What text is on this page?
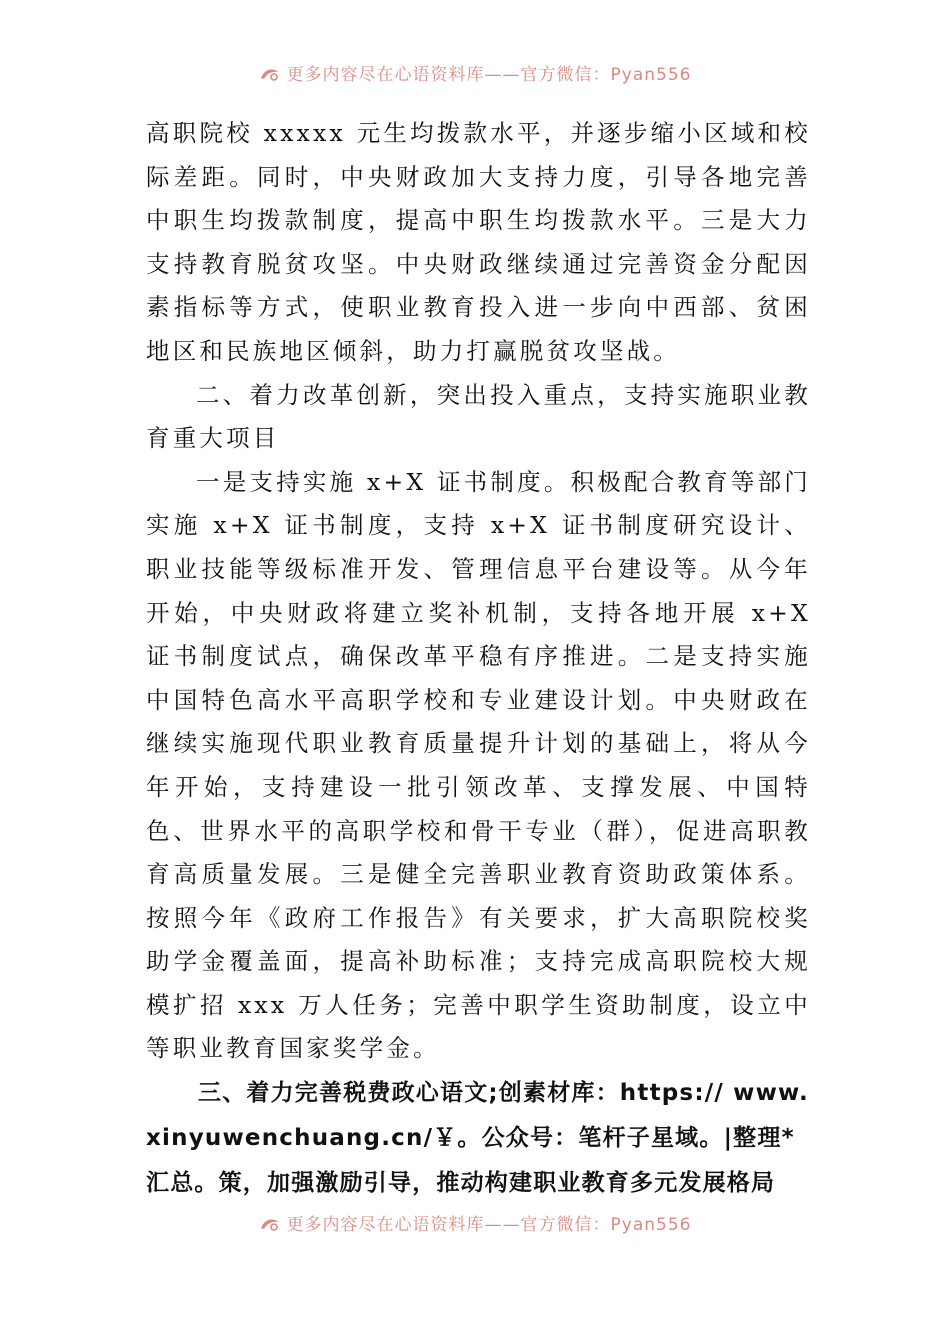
更多内容尽在心语资料库——官方微信：Pyan556

高职院校 xxxxx 元生均拨款水平，并逐步缩小区域和校际差距。同时，中央财政加大支持力度，引导各地完善中职生均拨款制度，提高中职生均拨款水平。三是大力支持教育脱贫攻坚。中央财政继续通过完善资金分配因素指标等方式，使职业教育投入进一步向中西部、贫困地区和民族地区倾斜，助力打赢脱贫攻坚战。

二、着力改革创新，突出投入重点，支持实施职业教育重大项目

一是支持实施 x+X 证书制度。积极配合教育等部门实施 x+X 证书制度，支持 x+X 证书制度研究设计、职业技能等级标准开发、管理信息平台建设等。从今年开始，中央财政将建立奖补机制，支持各地开展 x+X 证书制度试点，确保改革平稳有序推进。二是支持实施中国特色高水平高职学校和专业建设计划。中央财政在继续实施现代职业教育质量提升计划的基础上，将从今年开始，支持建设一批引领改革、支撑发展、中国特色、世界水平的高职学校和骨干专业（群），促进高职教育高质量发展。三是健全完善职业教育资助政策体系。按照今年《政府工作报告》有关要求，扩大高职院校奖助学金覆盖面，提高补助标准；支持完成高职院校大规模扩招 xxx 万人任务；完善中职学生资助制度，设立中等职业教育国家奖学金。

三、着力完善税费政心语文;创素材库：https:// www.xinyuwenchuang.cn/￥。公众号：笔杆子星域。|整理*汇总。策，加强激励引导，推动构建职业教育多元发展格局

更多内容尽在心语资料库——官方微信：Pyan556
